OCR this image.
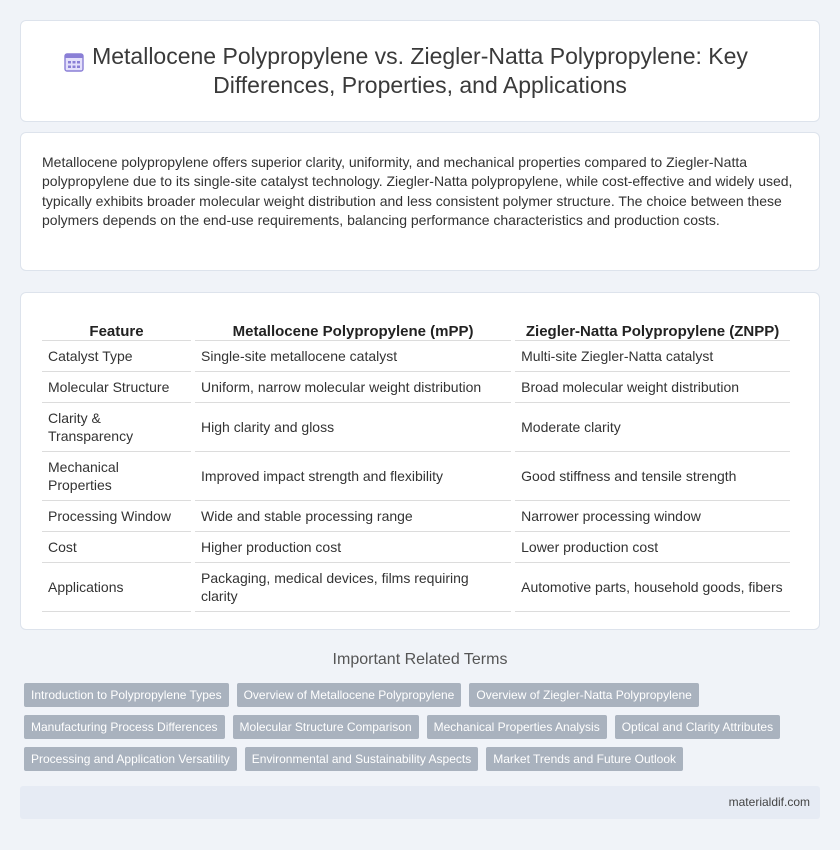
Metallocene Polypropylene vs. Ziegler-Natta Polypropylene: Key Differences, Properties, and Applications

Metallocene polypropylene offers superior clarity, uniformity, and mechanical properties compared to Ziegler-Natta polypropylene due to its single-site catalyst technology. Ziegler-Natta polypropylene, while cost-effective and widely used, typically exhibits broader molecular weight distribution and less consistent polymer structure. The choice between these polymers depends on the end-use requirements, balancing performance characteristics and production costs.

Feature	Metallocene Polypropylene (mPP)	Ziegler-Natta Polypropylene (ZNPP)
Catalyst Type	Single-site metallocene catalyst	Multi-site Ziegler-Natta catalyst
Molecular Structure	Uniform, narrow molecular weight distribution	Broad molecular weight distribution
Clarity & Transparency	High clarity and gloss	Moderate clarity
Mechanical Properties	Improved impact strength and flexibility	Good stiffness and tensile strength
Processing Window	Wide and stable processing range	Narrower processing window
Cost	Higher production cost	Lower production cost
Applications	Packaging, medical devices, films requiring clarity	Automotive parts, household goods, fibers
Important Related Terms
Introduction to Polypropylene Types	Overview of Metallocene Polypropylene	Overview of Ziegler-Natta Polypropylene
Manufacturing Process Differences	Molecular Structure Comparison	Mechanical Properties Analysis	Optical and Clarity Attributes
Processing and Application Versatility	Environmental and Sustainability Aspects	Market Trends and Future Outlook
materialdif.com
